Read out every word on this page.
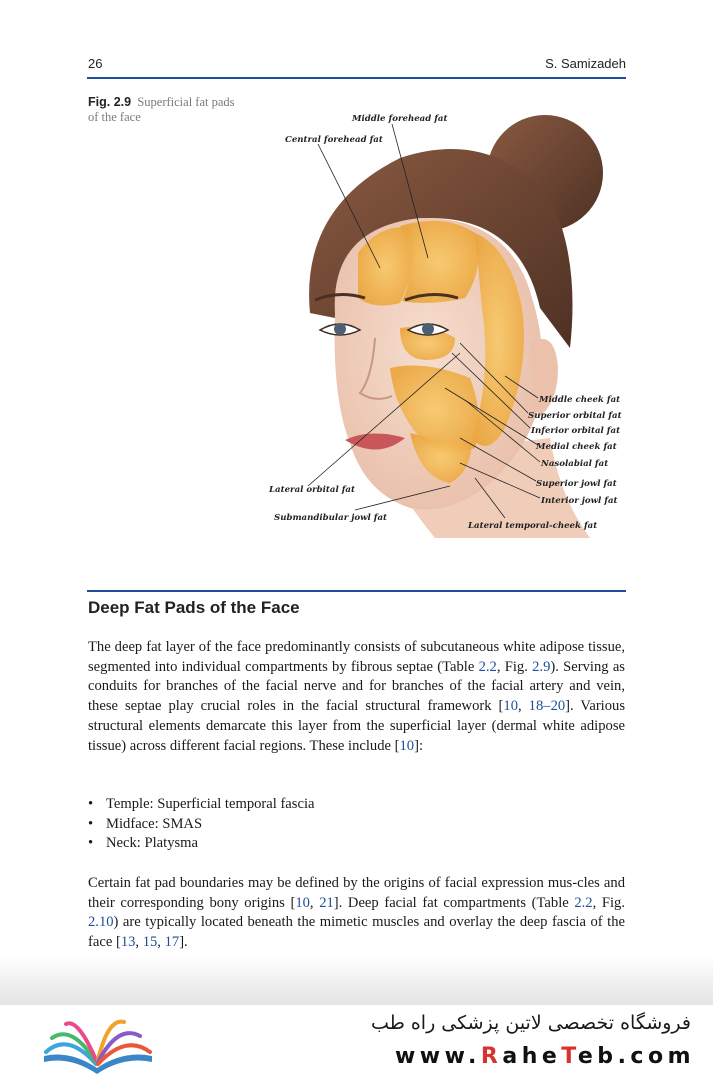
26	S. Samizadeh
Fig. 2.9 Superficial fat pads of the face	Middle forehead fat
Central forehead fat
Middle cheek fat
Superior orbital fat
Inferior orbital fat
Medial cheek fat
Nasolabial fat
Superior jowl fat
Interior jowl fat
Lateral orbital fat
Submandibular jowl fat
Lateral temporal-cheek fat
Deep Fat Pads of the Face
The deep fat layer of the face predominantly consists of subcutaneous white adipose tissue, segmented into individual compartments by fibrous septae (Table 2.2, Fig. 2.9). Serving as conduits for branches of the facial nerve and for branches of the facial artery and vein, these septae play crucial roles in the facial structural framework [10, 18–20]. Various structural elements demarcate this layer from the superficial layer (dermal white adipose tissue) across different facial regions. These include [10]:
• Temple: Superficial temporal fascia
• Midface: SMAS
• Neck: Platysma
Certain fat pad boundaries may be defined by the origins of facial expression mus-cles and their corresponding bony origins [10, 21]. Deep facial fat compartments (Table 2.2, Fig. 2.10) are typically located beneath the mimetic muscles and overlay the deep fascia of the face [13, 15, 17].
فروشگاه تخصصی لاتین پزشکی راه طب
www.RaheTeb.com
